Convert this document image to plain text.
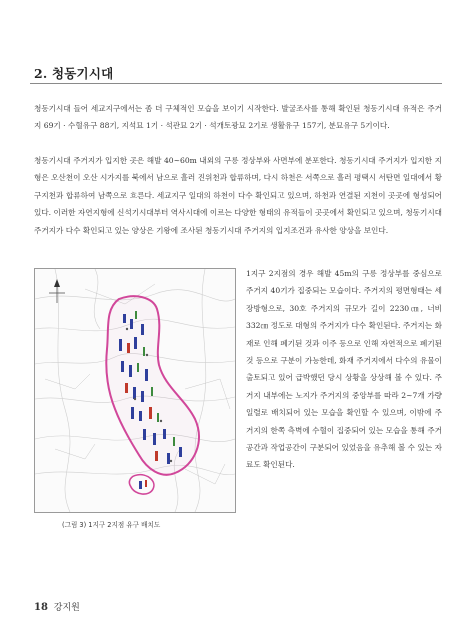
2. 청동기시대

청동기시대 들어 세교지구에서는 좀 더 구체적인 모습을 보이기 시작한다. 발굴조사를 통해 확인된 청동기시대 유적은 주거지 69기 · 수혈유구 88기, 지석묘 1기 · 석관묘 2기 · 석개토광묘 2기로 생활유구 157기, 분묘유구 5기이다.

청동기시대 주거지가 입지한 곳은 해발 40~60m 내외의 구릉 정상부와 사면부에 분포한다. 청동기시대 주거지가 입지한 지형은 오산천이 오산 시가지를 북에서 남으로 흘러 진위천과 합류하며, 다시 하천은 서쪽으로 흘러 평택시 서탄면 일대에서 황구지천과 합류하여 남쪽으로 흐른다. 세교지구 일대의 하천이 다수 확인되고 있으며, 하천과 연결된 지천이 곳곳에 형성되어 있다. 이러한 자연지형에 신석기시대부터 역사시대에 이르는 다양한 형태의 유적들이 곳곳에서 확인되고 있으며, 청동기시대 주거지가 다수 확인되고 있는 양상은 기왕에 조사된 청동기시대 주거지의 입지조건과 유사한 양상을 보인다.

1지구 2지점의 경우 해발 45m의 구릉 정상부를 중심으로 주거지 40기가 집중되는 모습이다. 주거지의 평면형태는 세장방형으로, 30호 주거지의 규모가 길이 2230㎝, 너비 332㎝ 정도로 대형의 주거지가 다수 확인된다. 주거지는 화재로 인해 폐기된 것과 이주 등으로 인해 자연적으로 폐기된 것 등으로 구분이 가능한데, 화재 주거지에서 다수의 유물이 출토되고 있어 급박했던 당시 상황을 상상해 볼 수 있다. 주거지 내부에는 노지가 주거지의 중앙부를 따라 2~7개 가량 일렬로 배치되어 있는 모습을 확인할 수 있으며, 이밖에 주거지의 한쪽 측벽에 수혈이 집중되어 있는 모습을 통해 주거공간과 작업공간이 구분되어 있었음을 유추해 볼 수 있는 자료도 확인된다.

(그림 3) 1지구 2지점 유구 배치도
18 강지원
